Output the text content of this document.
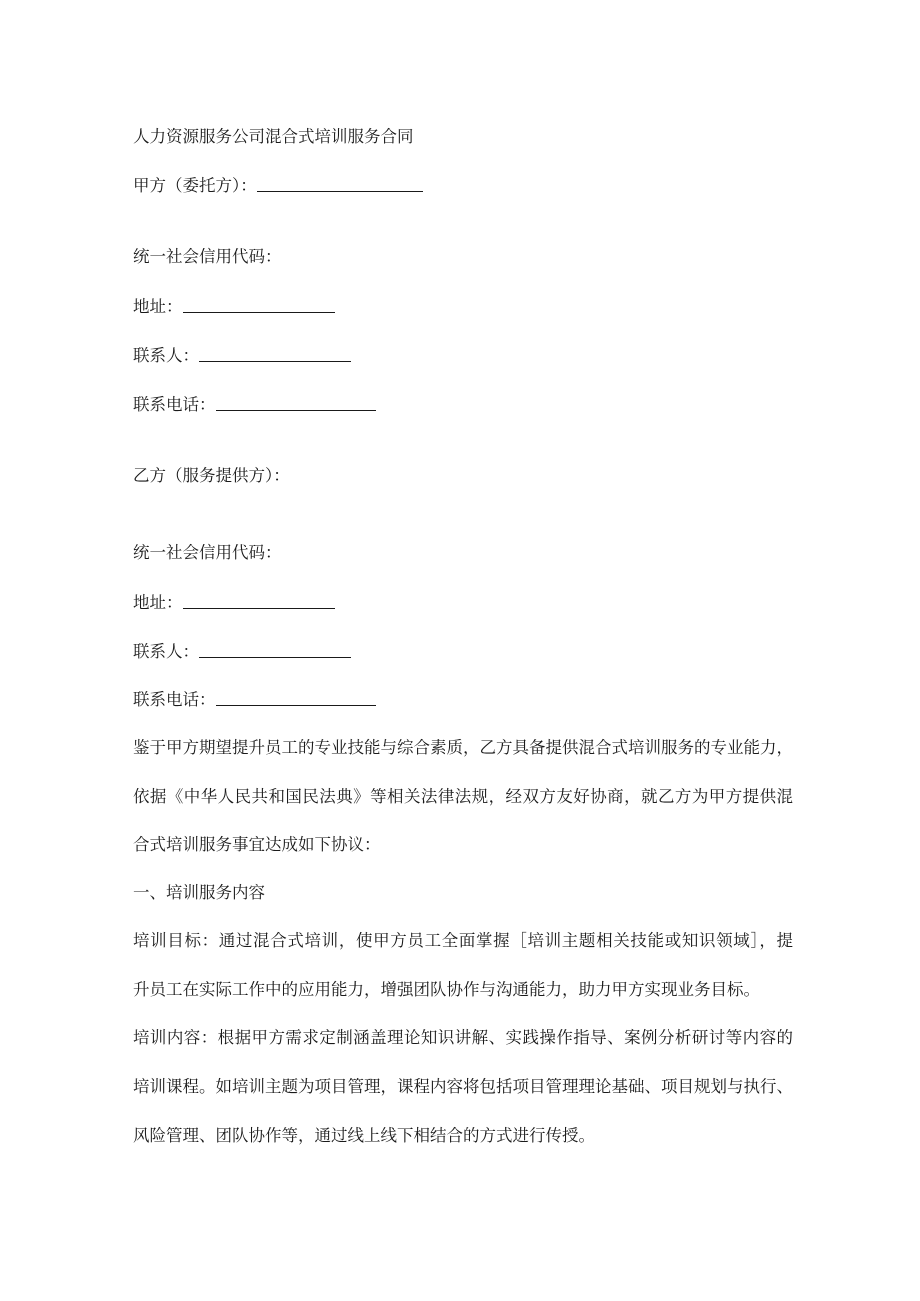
人力资源服务公司混合式培训服务合同
甲方（委托方）：
统一社会信用代码：
地址：
联系人：
联系电话：
乙方（服务提供方）：
统一社会信用代码：
地址：
联系人：
联系电话：
鉴于甲方期望提升员工的专业技能与综合素质，乙方具备提供混合式培训服务的专业能力，
依据《中华人民共和国民法典》等相关法律法规，经双方友好协商，就乙方为甲方提供混
合式培训服务事宜达成如下协议：
一、培训服务内容
培训目标：通过混合式培训，使甲方员工全面掌握［培训主题相关技能或知识领域］，提
升员工在实际工作中的应用能力，增强团队协作与沟通能力，助力甲方实现业务目标。
培训内容：根据甲方需求定制涵盖理论知识讲解、实践操作指导、案例分析研讨等内容的
培训课程。如培训主题为项目管理，课程内容将包括项目管理理论基础、项目规划与执行、
风险管理、团队协作等，通过线上线下相结合的方式进行传授。
